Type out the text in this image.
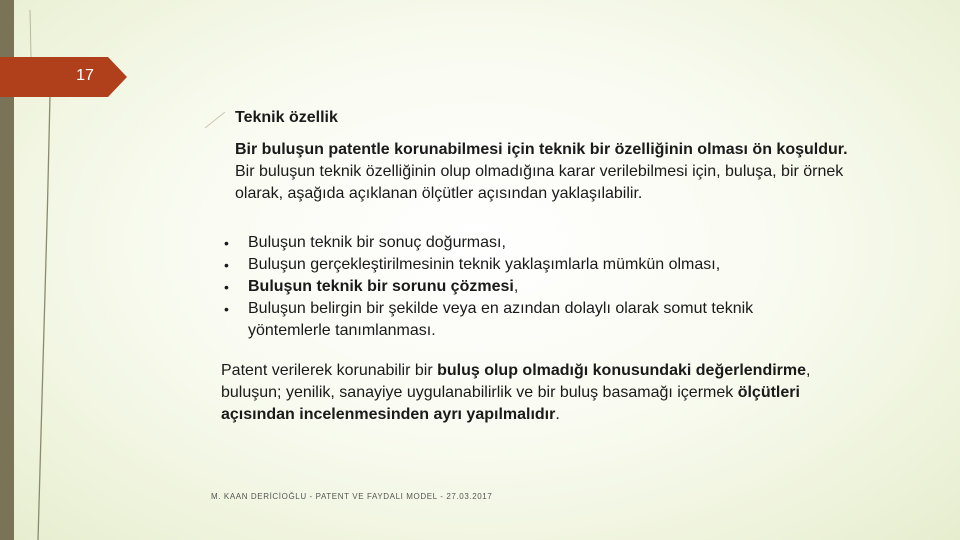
17

Teknik özellik

Bir buluşun patentle korunabilmesi için teknik bir özelliğinin olması ön koşuldur. Bir buluşun teknik özelliğinin olup olmadığına karar verilebilmesi için, buluşa, bir örnek olarak, aşağıda açıklanan ölçütler açısından yaklaşılabilir.

• Buluşun teknik bir sonuç doğurması,
• Buluşun gerçekleştirilmesinin teknik yaklaşımlarla mümkün olması,
• Buluşun teknik bir sorunu çözmesi,
• Buluşun belirgin bir şekilde veya en azından dolaylı olarak somut teknik yöntemlerle tanımlanması.

Patent verilerek korunabilir bir buluş olup olmadığı konusundaki değerlendirme, buluşun; yenilik, sanayiye uygulanabilirlik ve bir buluş basamağı içermek ölçütleri açısından incelenmesinden ayrı yapılmalıdır.

M. KAAN DERİCİOĞLU - PATENT VE FAYDALI MODEL - 27.03.2017
